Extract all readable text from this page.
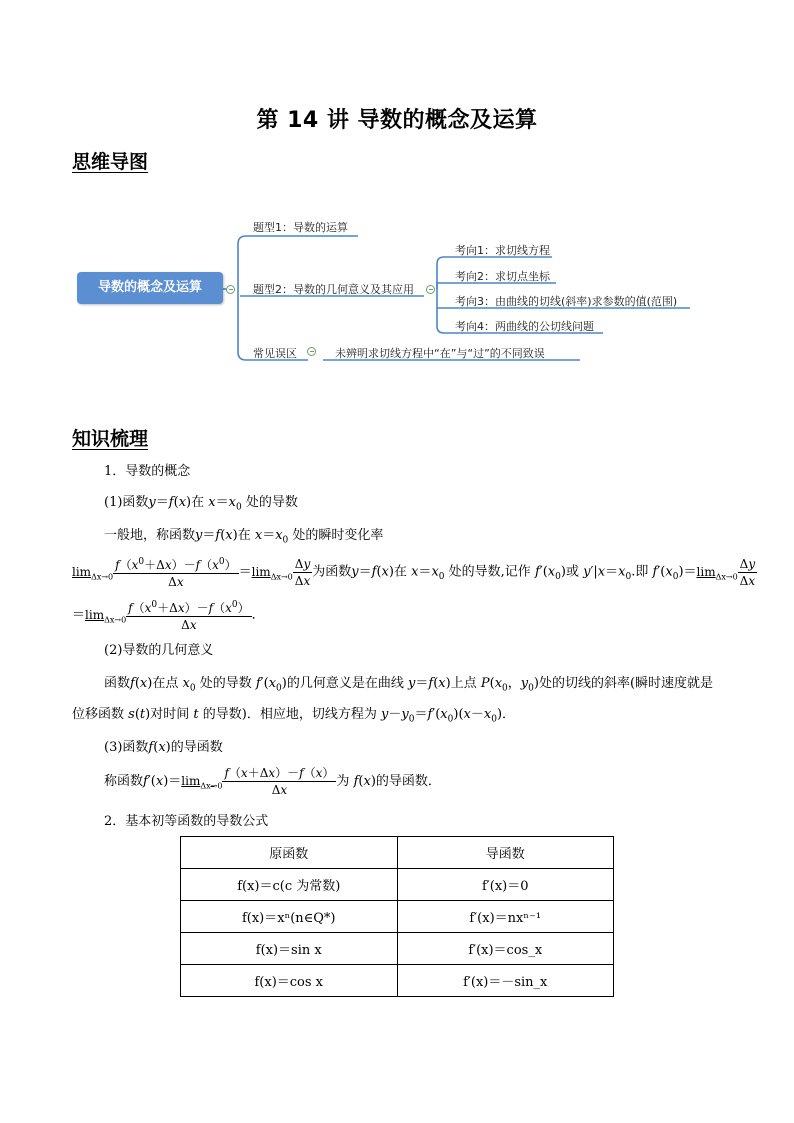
第 14 讲 导数的概念及运算
思维导图
导数的概念及运算
题型1：导数的运算
题型2：导数的几何意义及其应用
考向1：求切线方程
考向2：求切点坐标
考向3：由曲线的切线(斜率)求参数的值(范围)
考向4：两曲线的公切线问题
常见误区	未辨明求切线方程中“在”与“过”的不同致误
知识梳理
1．导数的概念
(1)函数y＝f(x)在 $x=x_0$ 处的导数
一般地，称函数y＝f(x)在 $x=x_0$ 处的瞬时变化率
$\lim_{\Delta x\to 0} \frac{f(x^0+\Delta x)-f(x^0)}{\Delta x} =\lim_{\Delta x\to 0} \frac{\Delta y}{\Delta x}$ 为函数y＝f(x)在 $x=x_0$ 处的导数,记作 $f'(x_0)$或 $y'|x=x_0$.即 $f'(x_0)=\lim_{\Delta x\to 0} \frac{\Delta y}{\Delta x}$
$=\lim_{\Delta x\to 0} \frac{f(x^0+\Delta x)-f(x^0)}{\Delta x}$ ．
(2)导数的几何意义
函数f(x)在点 $x_0$ 处的导数 $f'(x_0)$的几何意义是在曲线 y＝f(x)上点 $P(x_0$，$y_0$)处的切线的斜率(瞬时速度就是
位移函数 s(t)对时间 t 的导数)．相应地，切线方程为 $y-y_0=f'(x_0)(x-x_0)$．
(3)函数f(x)的导函数
称函数$f'(x)=\lim_{\Delta x\to 0} \frac{f(x+\Delta x)-f(x)}{\Delta x}$ 为 f(x)的导函数．
2．基本初等函数的导数公式
原函数	导函数
f(x)＝c(c 为常数)	f′(x)＝0
f(x)＝xⁿ(n∈Q*)	f′(x)＝nxⁿ⁻¹
f(x)＝sin x	f′(x)＝cos_x
f(x)＝cos x	f′(x)＝－sin_x
